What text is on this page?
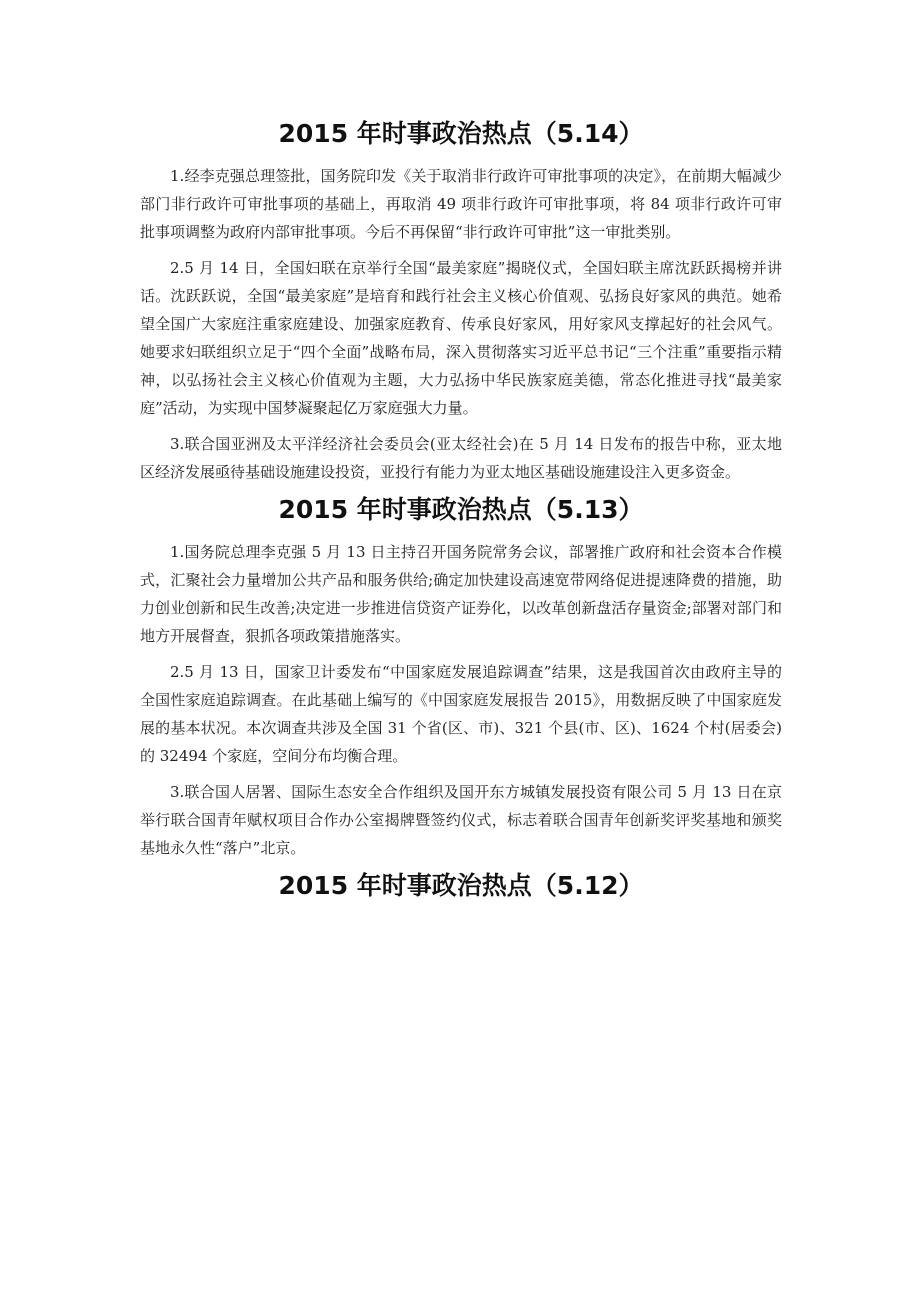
2015 年时事政治热点（5.14）

1.经李克强总理签批，国务院印发《关于取消非行政许可审批事项的决定》，在前期大幅减少部门非行政许可审批事项的基础上，再取消 49 项非行政许可审批事项，将 84 项非行政许可审批事项调整为政府内部审批事项。今后不再保留“非行政许可审批”这一审批类别。

2.5 月 14 日，全国妇联在京举行全国“最美家庭”揭晓仪式，全国妇联主席沈跃跃揭榜并讲话。沈跃跃说，全国“最美家庭”是培育和践行社会主义核心价值观、弘扬良好家风的典范。她希望全国广大家庭注重家庭建设、加强家庭教育、传承良好家风，用好家风支撑起好的社会风气。她要求妇联组织立足于“四个全面”战略布局，深入贯彻落实习近平总书记“三个注重”重要指示精神，以弘扬社会主义核心价值观为主题，大力弘扬中华民族家庭美德，常态化推进寻找“最美家庭”活动，为实现中国梦凝聚起亿万家庭强大力量。

3.联合国亚洲及太平洋经济社会委员会(亚太经社会)在 5 月 14 日发布的报告中称，亚太地区经济发展亟待基础设施建设投资，亚投行有能力为亚太地区基础设施建设注入更多资金。

2015 年时事政治热点（5.13）

1.国务院总理李克强 5 月 13 日主持召开国务院常务会议，部署推广政府和社会资本合作模式，汇聚社会力量增加公共产品和服务供给;确定加快建设高速宽带网络促进提速降费的措施，助力创业创新和民生改善;决定进一步推进信贷资产证券化，以改革创新盘活存量资金;部署对部门和地方开展督查，狠抓各项政策措施落实。

2.5 月 13 日，国家卫计委发布“中国家庭发展追踪调查”结果，这是我国首次由政府主导的全国性家庭追踪调查。在此基础上编写的《中国家庭发展报告 2015》，用数据反映了中国家庭发展的基本状况。本次调查共涉及全国 31 个省(区、市)、321 个县(市、区)、1624 个村(居委会)的 32494 个家庭，空间分布均衡合理。

3.联合国人居署、国际生态安全合作组织及国开东方城镇发展投资有限公司 5 月 13 日在京举行联合国青年赋权项目合作办公室揭牌暨签约仪式，标志着联合国青年创新奖评奖基地和颁奖基地永久性“落户”北京。

2015 年时事政治热点（5.12）
